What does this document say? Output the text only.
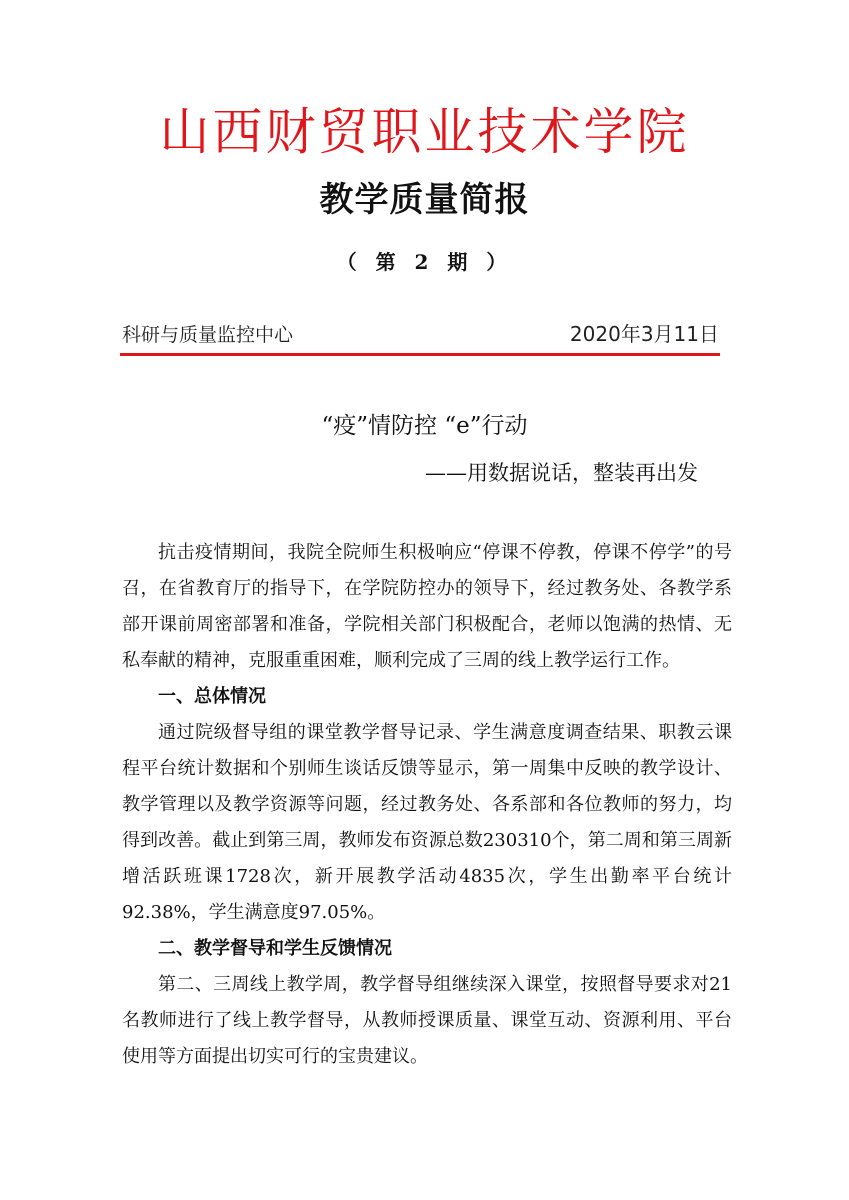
山西财贸职业技术学院
教学质量简报
（ 第 2 期 ）
科研与质量监控中心	2020年3月11日
“疫”情防控 “e”行动
——用数据说话，整装再出发

抗击疫情期间，我院全院师生积极响应“停课不停教，停课不停学”的号召，在省教育厅的指导下，在学院防控办的领导下，经过教务处、各教学系部开课前周密部署和准备，学院相关部门积极配合，老师以饱满的热情、无私奉献的精神，克服重重困难，顺利完成了三周的线上教学运行工作。

一、总体情况

通过院级督导组的课堂教学督导记录、学生满意度调查结果、职教云课程平台统计数据和个别师生谈话反馈等显示，第一周集中反映的教学设计、教学管理以及教学资源等问题，经过教务处、各系部和各位教师的努力，均得到改善。截止到第三周，教师发布资源总数230310个，第二周和第三周新增活跃班课1728次，新开展教学活动4835次，学生出勤率平台统计92.38%，学生满意度97.05%。

二、教学督导和学生反馈情况

第二、三周线上教学周，教学督导组继续深入课堂，按照督导要求对21名教师进行了线上教学督导，从教师授课质量、课堂互动、资源利用、平台使用等方面提出切实可行的宝贵建议。
